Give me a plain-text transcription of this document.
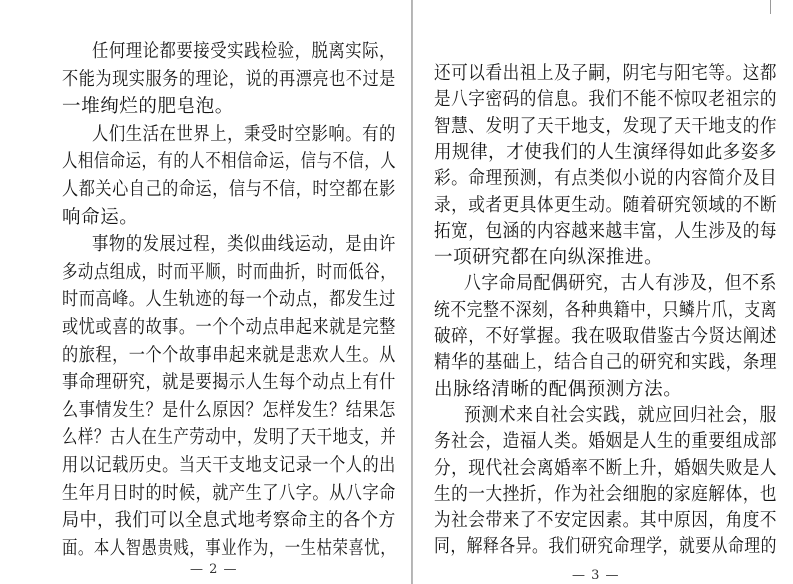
任何理论都要接受实践检验，脱离实际，
不能为现实服务的理论，说的再漂亮也不过是
一堆绚烂的肥皂泡。
人们生活在世界上，秉受时空影响。有的
人相信命运，有的人不相信命运，信与不信，人
人都关心自己的命运，信与不信，时空都在影
响命运。
事物的发展过程，类似曲线运动，是由许
多动点组成，时而平顺，时而曲折，时而低谷，
时而高峰。人生轨迹的每一个动点，都发生过
或忧或喜的故事。一个个动点串起来就是完整
的旅程，一个个故事串起来就是悲欢人生。从
事命理研究，就是要揭示人生每个动点上有什
么事情发生？是什么原因？怎样发生？结果怎
么样？古人在生产劳动中，发明了天干地支，并
用以记载历史。当天干支地支记录一个人的出
生年月日时的时候，就产生了八字。从八字命
局中，我们可以全息式地考察命主的各个方
面。本人智愚贵贱，事业作为，一生枯荣喜忧，
— 2 —
还可以看出祖上及子嗣，阴宅与阳宅等。这都
是八字密码的信息。我们不能不惊叹老祖宗的
智慧、发明了天干地支，发现了天干地支的作
用规律，才使我们的人生演绎得如此多姿多
彩。命理预测，有点类似小说的内容简介及目
录，或者更具体更生动。随着研究领域的不断
拓宽，包涵的内容越来越丰富，人生涉及的每
一项研究都在向纵深推进。
八字命局配偶研究，古人有涉及，但不系
统不完整不深刻，各种典籍中，只鳞片爪，支离
破碎，不好掌握。我在吸取借鉴古今贤达阐述
精华的基础上，结合自己的研究和实践，条理
出脉络清晰的配偶预测方法。
预测术来自社会实践，就应回归社会，服
务社会，造福人类。婚姻是人生的重要组成部
分，现代社会离婚率不断上升，婚姻失败是人
生的一大挫折，作为社会细胞的家庭解体，也
为社会带来了不安定因素。其中原因，角度不
同，解释各异。我们研究命理学，就要从命理的
— 3 —
